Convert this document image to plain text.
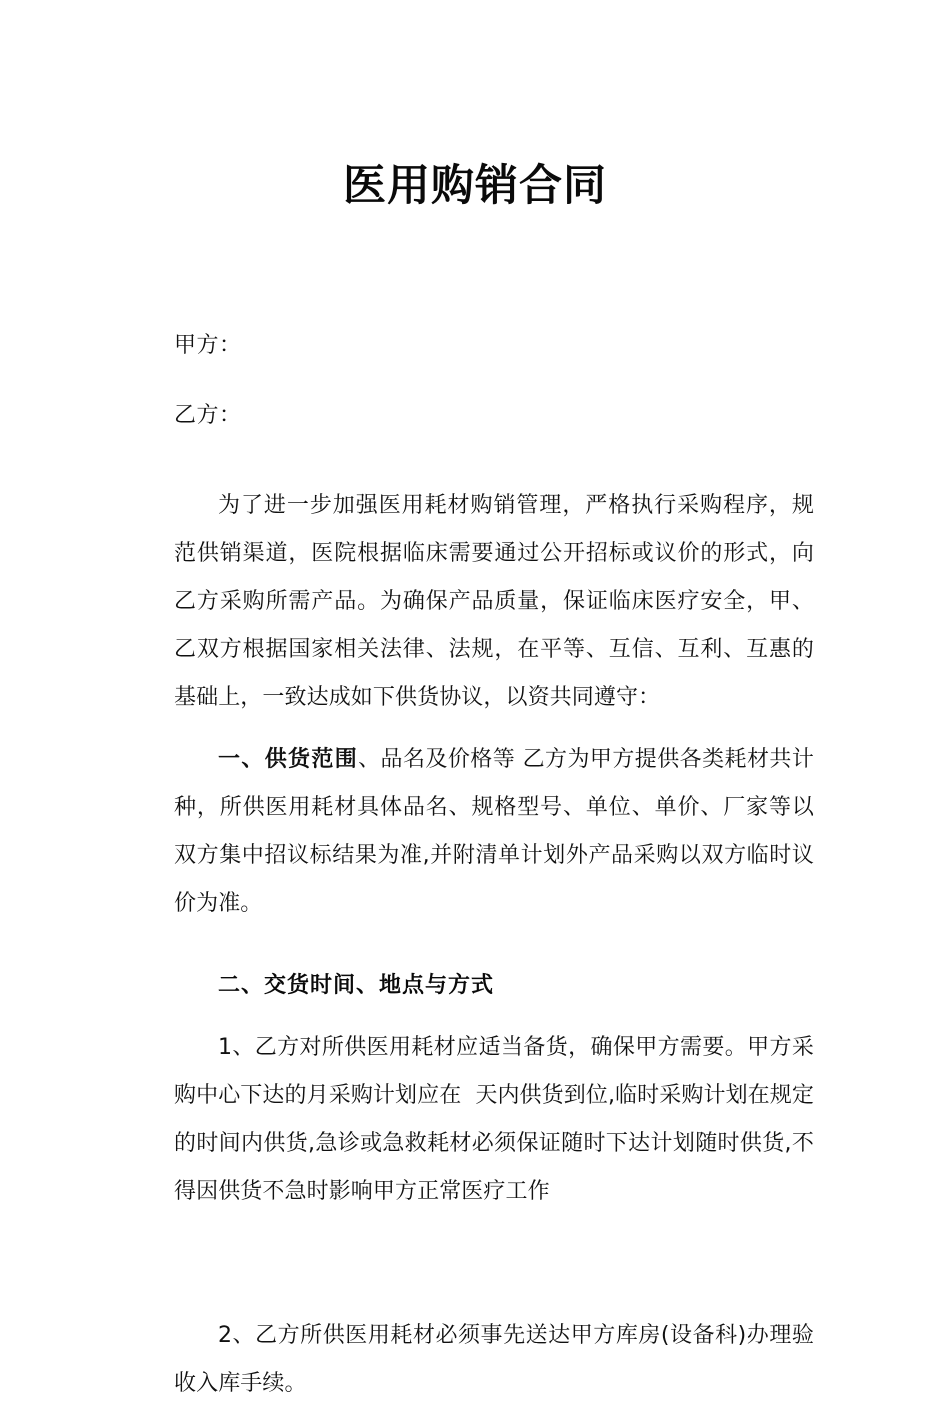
医用购销合同
甲方：
乙方：

为了进一步加强医用耗材购销管理，严格执行采购程序，规范供销渠道，医院根据临床需要通过公开招标或议价的形式，向乙方采购所需产品。为确保产品质量，保证临床医疗安全，甲、乙双方根据国家相关法律、法规，在平等、互信、互利、互惠的基础上，一致达成如下供货协议，以资共同遵守：

一、供货范围、品名及价格等 乙方为甲方提供各类耗材共计种，所供医用耗材具体品名、规格型号、单位、单价、厂家等以双方集中招议标结果为准,并附清单计划外产品采购以双方临时议价为准。

二、交货时间、地点与方式

1、乙方对所供医用耗材应适当备货，确保甲方需要。甲方采购中心下达的月采购计划应在 天内供货到位,临时采购计划在规定的时间内供货,急诊或急救耗材必须保证随时下达计划随时供货,不得因供货不急时影响甲方正常医疗工作

2、乙方所供医用耗材必须事先送达甲方库房(设备科)办理验收入库手续。
